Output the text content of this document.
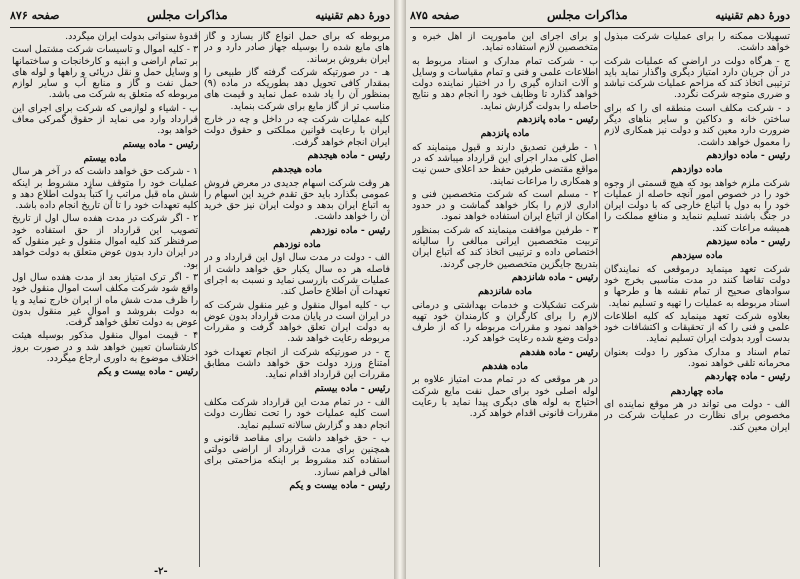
دورهٔ دهم تقنینیه
مذاکرات مجلس
صفحه ۸۷۶

مربوطه که برای حمل انواع گاز بسازد و گاز های مایع شده را بوسیله جهاز صادر دارد و در ایران بفروش برساند.

هـ - در صورتیکه شرکت گرفته گاز طبیعی را بمقدار کافی تحویل دهد بطوریکه در ماده (۹) بمنظور آن را یاد شده عمل نماید و قیمت های مناسب تر از گاز مایع برای شرکت بنماید.

کلیه عملیات شرکت چه در داخل و چه در خارج ایران با رعایت قوانین مملکتی و حقوق دولت ایران انجام خواهد گرفت.

رئیس - ماده هیجدهم

ماده هیجدهم

هر وقت شرکت اسهام جدیدی در معرض فروش عمومی بگذارد باید حق تقدم خرید این اسهام را به اتباع ایران بدهد و دولت ایران نیز حق خرید آن را خواهد داشت.

رئیس - ماده نوزدهم

ماده نوزدهم

الف - دولت در مدت سال اول این قرارداد و در فاصله هر ده سال یکبار حق خواهد داشت از عملیات شرکت بازرسی نماید و نسبت به اجرای تعهدات آن اطلاع حاصل کند.

ب - کلیه اموال منقول و غیر منقول شرکت که در ایران است در پایان مدت قرارداد بدون عوض به دولت ایران تعلق خواهد گرفت و مقررات مربوطه رعایت خواهد شد.

ج - در صورتیکه شرکت از انجام تعهدات خود امتناع ورزد دولت حق خواهد داشت مطابق مقررات این قرارداد اقدام نماید.

رئیس - ماده بیستم

الف - در تمام مدت این قرارداد شرکت مکلف است کلیه عملیات خود را تحت نظارت دولت انجام دهد و گزارش سالانه تسلیم نماید.

ب - حق خواهد داشت برای مقاصد قانونی و همچنین برای مدت قرارداد از اراضی دولتی استفاده کند مشروط بر اینکه مزاحمتی برای اهالی فراهم نسازد.

رئیس - ماده بیست و یکم

قدوهٔ سنواتی بدولت ایران میگردد.

۳ - کلیه اموال و تاسیسات شرکت مشتمل است بر تمام اراضی و ابنیه و کارخانجات و ساختمانها و وسایل حمل و نقل دریائی و راهها و لوله های حمل نفت و گاز و منابع آب و سایر لوازم مربوطه که متعلق به شرکت می باشد.

ب - اشیاء و لوازمی که شرکت برای اجرای این قرارداد وارد می نماید از حقوق گمرکی معاف خواهد بود.

رئیس - ماده بیستم

ماده بیستم

۱ - شرکت حق خواهد داشت که در آخر هر سال عملیات خود را متوقف سازد مشروط بر اینکه شش ماه قبل مراتب را کتباً بدولت اطلاع دهد و کلیه تعهدات خود را تا آن تاریخ انجام داده باشد.

۲ - اگر شرکت در مدت هفده سال اول از تاریخ تصویب این قرارداد از حق استفاده خود صرفنظر کند کلیه اموال منقول و غیر منقول که در ایران دارد بدون عوض متعلق به دولت خواهد بود.

۳ - اگر ترک امتیاز بعد از مدت هفده سال اول واقع شود شرکت مکلف است اموال منقول خود را ظرف مدت شش ماه از ایران خارج نماید و یا به دولت بفروشد و اموال غیر منقول بدون عوض به دولت تعلق خواهد گرفت.

۴ - قیمت اموال منقول مذکور بوسیله هیئت کارشناسان تعیین خواهد شد و در صورت بروز اختلاف موضوع به داوری ارجاع میگردد.

رئیس - ماده بیست و یکم

-۲-
دورهٔ دهم تقنینیه
مذاکرات مجلس
صفحه ۸۷۵

تسهیلات ممکنه را برای عملیات شرکت مبذول خواهد داشت.

ج - هرگاه دولت در اراضی که عملیات شرکت در آن جریان دارد امتیاز دیگری واگذار نماید باید ترتیبی اتخاذ کند که مزاحم عملیات شرکت نباشد و ضرری متوجه شرکت نگردد.

د - شرکت مکلف است منطقه ای را که برای ساختن خانه و دکاکین و سایر بناهای دیگر ضرورت دارد معین کند و دولت نیز همکاری لازم را معمول خواهد داشت.

رئیس - ماده دوازدهم

ماده دوازدهم

شرکت ملزم خواهد بود که هیچ قسمتی از وجوه خود را در خصوص امور آنچه حاصله از عملیات خود را به دول یا اتباع خارجی که با دولت ایران در جنگ باشند تسلیم ننماید و منافع مملکت را همیشه مراعات کند.

رئیس - ماده سیزدهم

ماده سیزدهم

شرکت تعهد مینماید درموقعی که نمایندگان دولت تقاضا کنند در مدت مناسبی بخرج خود سوادهای صحیح از تمام نقشه ها و طرحها و اسناد مربوطه به عملیات را تهیه و تسلیم نماید.

بعلاوه شرکت تعهد مینماید که کلیه اطلاعات علمی و فنی را که از تحقیقات و اکتشافات خود بدست آورد بدولت ایران تسلیم نماید.

تمام اسناد و مدارک مذکور را دولت بعنوان محرمانه تلقی خواهد نمود.

رئیس - ماده چهاردهم

ماده چهاردهم

الف - دولت می تواند در هر موقع نماینده ای مخصوص برای نظارت در عملیات شرکت در ایران معین کند.

و برای اجرای این ماموریت از اهل خبره و متخصصین لازم استفاده نماید.

ب - شرکت تمام مدارک و اسناد مربوط به اطلاعات علمی و فنی و تمام مقیاسات و وسایل و آلات اندازه گیری را در اختیار نماینده دولت خواهد گذارد تا وظایف خود را انجام دهد و نتایج حاصله را بدولت گزارش نماید.

رئیس - ماده پانزدهم

ماده پانزدهم

۱ - طرفین تصدیق دارند و قبول مینمایند که اصل کلی مدار اجرای این قرارداد میباشد که در مواقع مقتضی طرفین حفظ حد اعلای حسن نیت و همکاری را مراعات نمایند.

۲ - مسلم است که شرکت متخصصین فنی و اداری لازم را بکار خواهد گماشت و در حدود امکان از اتباع ایران استفاده خواهد نمود.

۳ - طرفین موافقت مینمایند که شرکت بمنظور تربیت متخصصین ایرانی مبالغی را سالیانه اختصاص داده و ترتیبی اتخاذ کند که اتباع ایران بتدریج جایگزین متخصصین خارجی گردند.

رئیس - ماده شانزدهم

ماده شانزدهم

شرکت تشکیلات و خدمات بهداشتی و درمانی لازم را برای کارگران و کارمندان خود تهیه خواهد نمود و مقررات مربوطه را که از طرف دولت وضع شده رعایت خواهد کرد.

رئیس - ماده هفدهم

ماده هفدهم

در هر موقعی که در تمام مدت امتیاز علاوه بر لوله اصلی خود برای حمل نفت مایع شرکت احتیاج به لوله های دیگری پیدا نماید با رعایت مقررات قانونی اقدام خواهد کرد.
